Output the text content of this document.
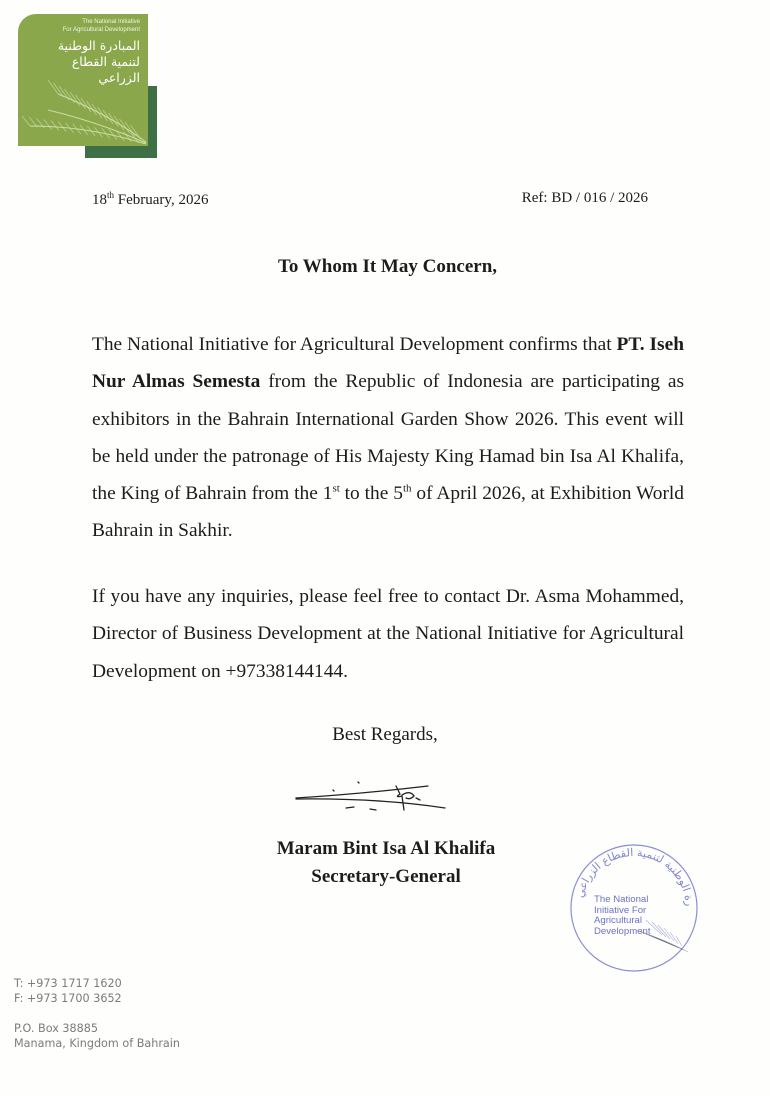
The National Initiative
For Agricultural Development
المبادرة الوطنية
لتنمية القطاع
الزراعي
18th February, 2026	Ref: BD / 016 / 2026
To Whom It May Concern,
The National Initiative for Agricultural Development confirms that PT. Iseh Nur Almas Semesta from the Republic of Indonesia are participating as exhibitors in the Bahrain International Garden Show 2026. This event will be held under the patronage of His Majesty King Hamad bin Isa Al Khalifa, the King of Bahrain from the 1st to the 5th of April 2026, at Exhibition World Bahrain in Sakhir.
If you have any inquiries, please feel free to contact Dr. Asma Mohammed, Director of Business Development at the National Initiative for Agricultural Development on +97338144144.
Best Regards,
Maram Bint Isa Al Khalifa
Secretary-General
رة الوطنية لتنمية القطاع الزراعي
The National
Initiative For
Agricultural
Development
T: +973 1717 1620
F: +973 1700 3652
P.O. Box 38885
Manama, Kingdom of Bahrain
